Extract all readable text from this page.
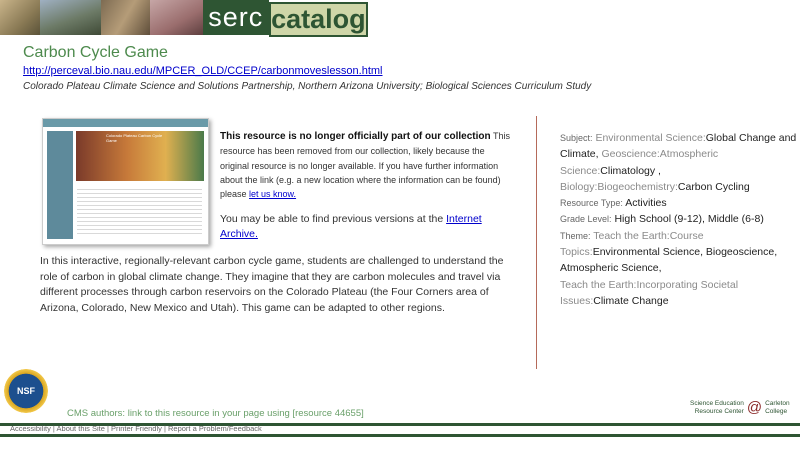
serc catalog
Carbon Cycle Game
http://perceval.bio.nau.edu/MPCER_OLD/CCEP/carbonmoveslesson.html
Colorado Plateau Climate Science and Solutions Partnership, Northern Arizona University; Biological Sciences Curriculum Study
Colorado Plateau Carbon Cycle Game	This resource is no longer officially part of our collection This resource has been removed from our collection, likely because the original resource is no longer available. If you have further information about the link (e.g. a new location where the information can be found) please let us know.
You may be able to find previous versions at the Internet Archive.
In this interactive, regionally-relevant carbon cycle game, students are challenged to understand the role of carbon in global climate change. They imagine that they are carbon molecules and travel via different processes through carbon reservoirs on the Colorado Plateau (the Four Corners area of Arizona, Colorado, New Mexico and Utah). This game can be adapted to other regions.
Subject: Environmental Science:Global Change and Climate, Geoscience:Atmospheric Science:Climatology ,
Biology:Biogeochemistry:Carbon Cycling
Resource Type: Activities
Grade Level: High School (9-12), Middle (6-8)
Theme: Teach the Earth:Course Topics:Environmental Science, Biogeoscience, Atmospheric Science,
Teach the Earth:Incorporating Societal Issues:Climate Change
NSF
CMS authors: link to this resource in your page using [resource 44655]
Science Education
Resource Center @ Carleton
College
Accessibility | About this Site | Printer Friendly | Report a Problem/Feedback
